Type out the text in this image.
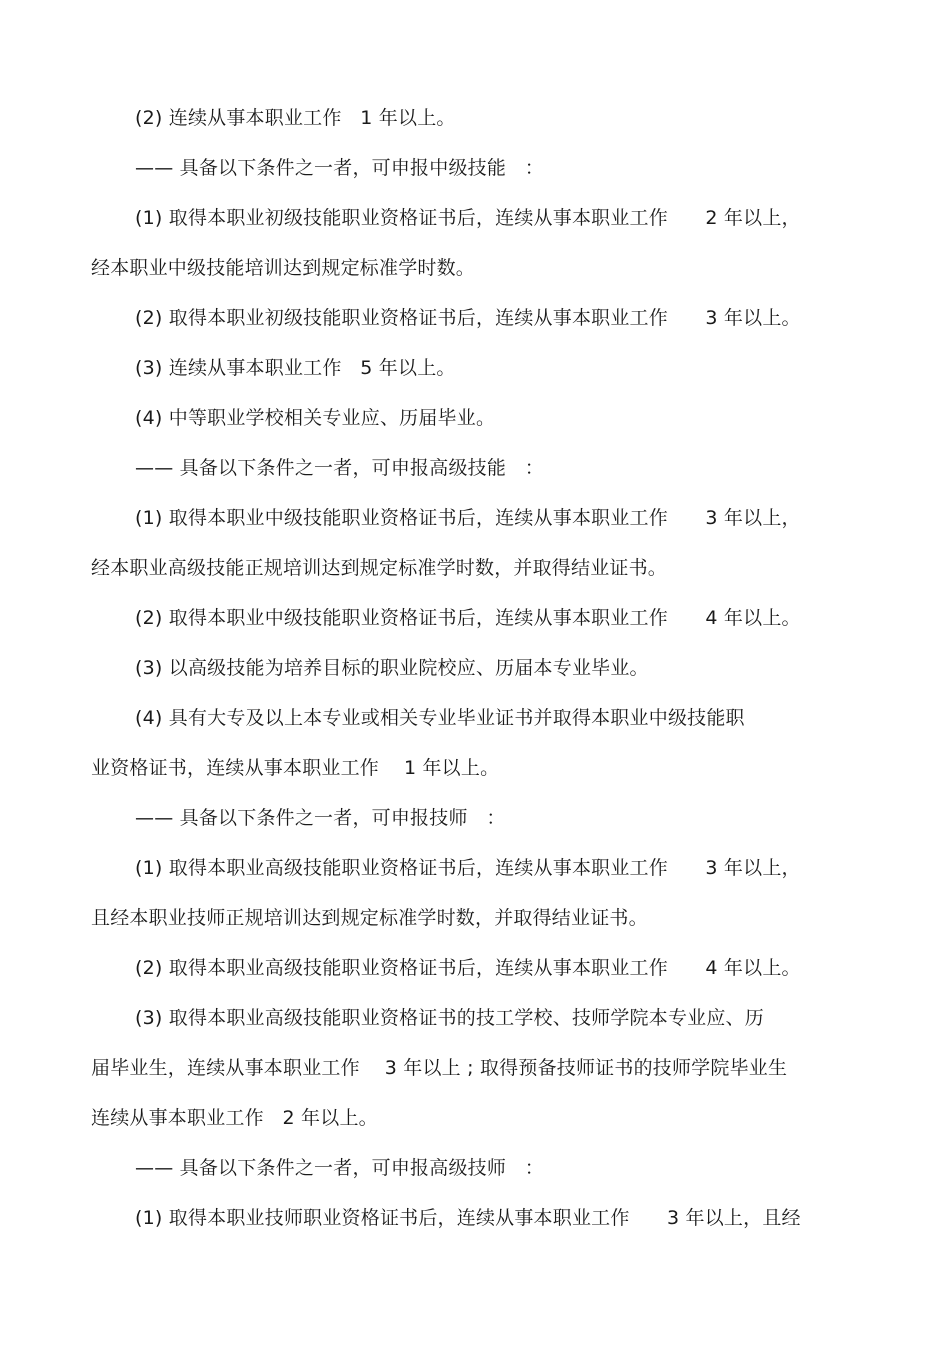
(2) 连续从事本职业工作   1 年以上。
—— 具备以下条件之一者，可申报中级技能   ：
(1) 取得本职业初级技能职业资格证书后，连续从事本职业工作      2 年以上，
经本职业中级技能培训达到规定标准学时数。
(2) 取得本职业初级技能职业资格证书后，连续从事本职业工作      3 年以上。
(3) 连续从事本职业工作   5 年以上。
(4) 中等职业学校相关专业应、历届毕业。
—— 具备以下条件之一者，可申报高级技能   ：
(1) 取得本职业中级技能职业资格证书后，连续从事本职业工作      3 年以上，
经本职业高级技能正规培训达到规定标准学时数，并取得结业证书。
(2) 取得本职业中级技能职业资格证书后，连续从事本职业工作      4 年以上。
(3) 以高级技能为培养目标的职业院校应、历届本专业毕业。
(4) 具有大专及以上本专业或相关专业毕业证书并取得本职业中级技能职
业资格证书，连续从事本职业工作    1 年以上。
—— 具备以下条件之一者，可申报技师   ：
(1) 取得本职业高级技能职业资格证书后，连续从事本职业工作      3 年以上，
且经本职业技师正规培训达到规定标准学时数，并取得结业证书。
(2) 取得本职业高级技能职业资格证书后，连续从事本职业工作      4 年以上。
(3) 取得本职业高级技能职业资格证书的技工学校、技师学院本专业应、历
届毕业生，连续从事本职业工作    3 年以上 ; 取得预备技师证书的技师学院毕业生
连续从事本职业工作   2 年以上。
—— 具备以下条件之一者，可申报高级技师   ：
(1) 取得本职业技师职业资格证书后，连续从事本职业工作      3 年以上，且经
